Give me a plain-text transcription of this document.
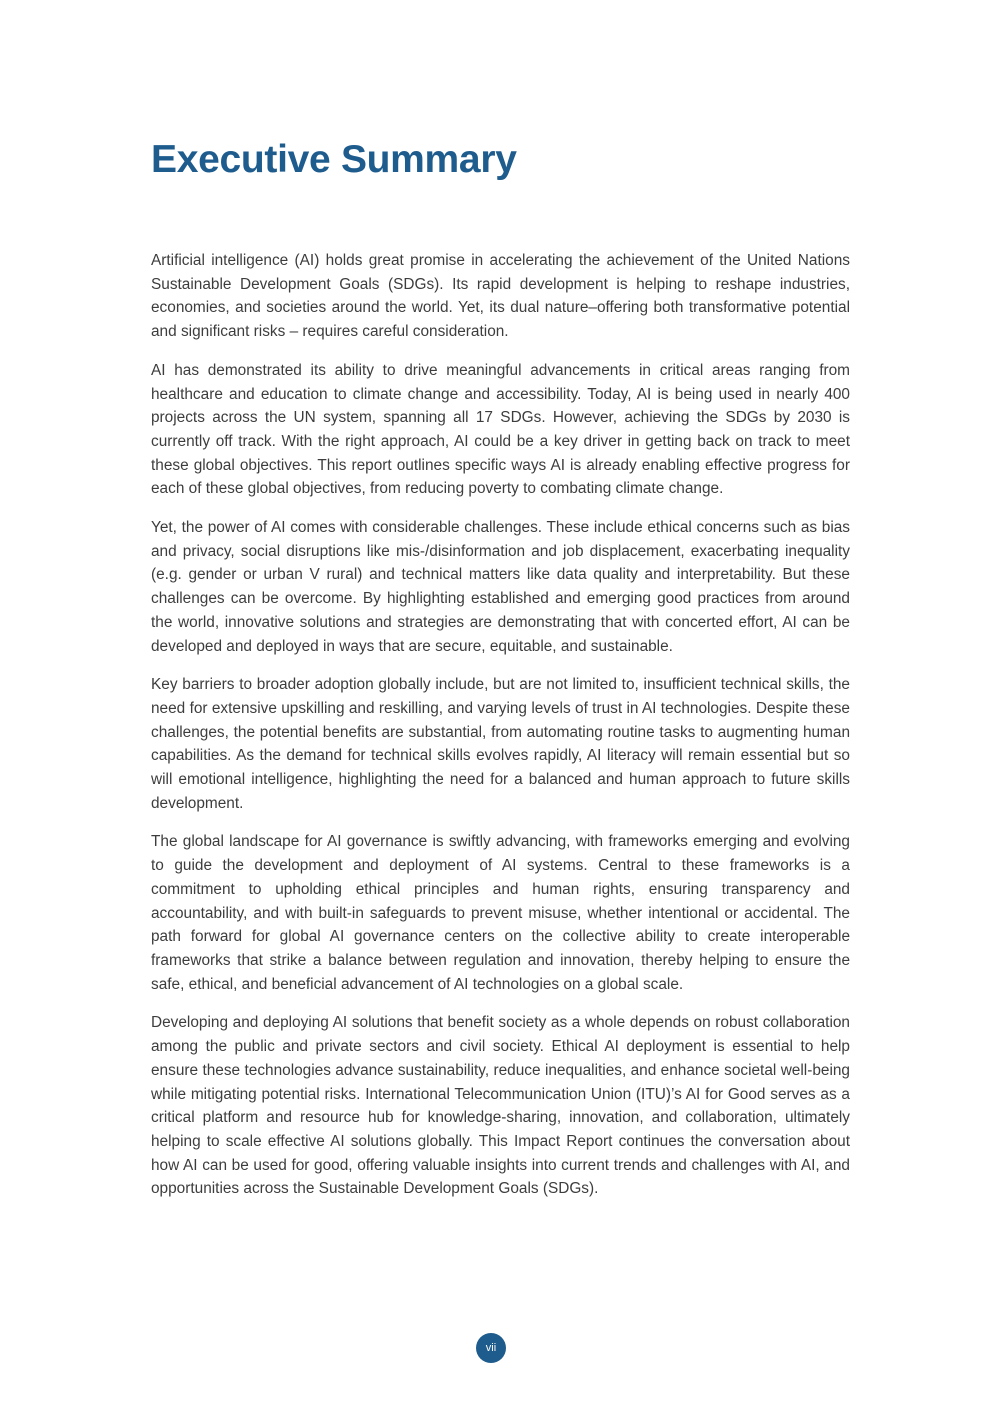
Executive Summary

Artificial intelligence (AI) holds great promise in accelerating the achievement of the United Nations Sustainable Development Goals (SDGs). Its rapid development is helping to reshape industries, economies, and societies around the world. Yet, its dual nature–offering both transformative potential and significant risks – requires careful consideration.

AI has demonstrated its ability to drive meaningful advancements in critical areas ranging from healthcare and education to climate change and accessibility. Today, AI is being used in nearly 400 projects across the UN system, spanning all 17 SDGs. However, achieving the SDGs by 2030 is currently off track. With the right approach, AI could be a key driver in getting back on track to meet these global objectives. This report outlines specific ways AI is already enabling effective progress for each of these global objectives, from reducing poverty to combating climate change.

Yet, the power of AI comes with considerable challenges. These include ethical concerns such as bias and privacy, social disruptions like mis-/disinformation and job displacement, exacerbating inequality (e.g. gender or urban V rural) and technical matters like data quality and interpretability. But these challenges can be overcome. By highlighting established and emerging good practices from around the world, innovative solutions and strategies are demonstrating that with concerted effort, AI can be developed and deployed in ways that are secure, equitable, and sustainable.

Key barriers to broader adoption globally include, but are not limited to, insufficient technical skills, the need for extensive upskilling and reskilling, and varying levels of trust in AI technologies. Despite these challenges, the potential benefits are substantial, from automating routine tasks to augmenting human capabilities. As the demand for technical skills evolves rapidly, AI literacy will remain essential but so will emotional intelligence, highlighting the need for a balanced and human approach to future skills development.

The global landscape for AI governance is swiftly advancing, with frameworks emerging and evolving to guide the development and deployment of AI systems. Central to these frameworks is a commitment to upholding ethical principles and human rights, ensuring transparency and accountability, and with built-in safeguards to prevent misuse, whether intentional or accidental. The path forward for global AI governance centers on the collective ability to create interoperable frameworks that strike a balance between regulation and innovation, thereby helping to ensure the safe, ethical, and beneficial advancement of AI technologies on a global scale.

Developing and deploying AI solutions that benefit society as a whole depends on robust collaboration among the public and private sectors and civil society. Ethical AI deployment is essential to help ensure these technologies advance sustainability, reduce inequalities, and enhance societal well-being while mitigating potential risks. International Telecommunication Union (ITU)’s AI for Good serves as a critical platform and resource hub for knowledge-sharing, innovation, and collaboration, ultimately helping to scale effective AI solutions globally. This Impact Report continues the conversation about how AI can be used for good, offering valuable insights into current trends and challenges with AI, and opportunities across the Sustainable Development Goals (SDGs).

vii
